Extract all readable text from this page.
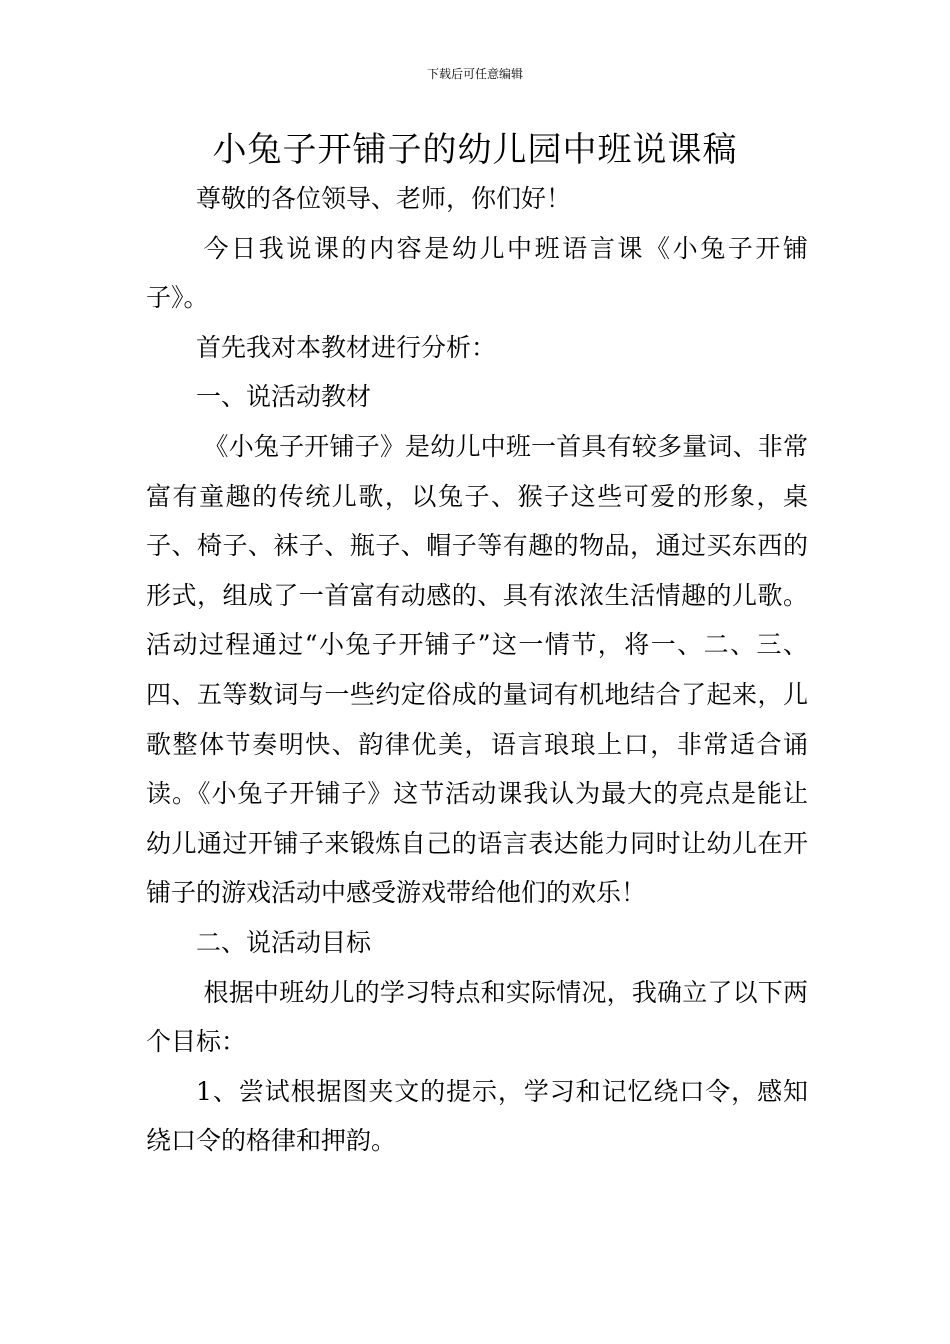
下载后可任意编辑
小兔子开铺子的幼儿园中班说课稿

尊敬的各位领导、老师，你们好！

今日我说课的内容是幼儿中班语言课《小兔子开铺子》。

首先我对本教材进行分析：

一、说活动教材

《小兔子开铺子》是幼儿中班一首具有较多量词、非常富有童趣的传统儿歌，以兔子、猴子这些可爱的形象，桌子、椅子、袜子、瓶子、帽子等有趣的物品，通过买东西的形式，组成了一首富有动感的、具有浓浓生活情趣的儿歌。活动过程通过“小兔子开铺子”这一情节，将一、二、三、四、五等数词与一些约定俗成的量词有机地结合了起来，儿歌整体节奏明快、韵律优美，语言琅琅上口，非常适合诵读。《小兔子开铺子》这节活动课我认为最大的亮点是能让幼儿通过开铺子来锻炼自己的语言表达能力同时让幼儿在开铺子的游戏活动中感受游戏带给他们的欢乐！

二、说活动目标

根据中班幼儿的学习特点和实际情况，我确立了以下两个目标：

1、尝试根据图夹文的提示，学习和记忆绕口令，感知绕口令的格律和押韵。
